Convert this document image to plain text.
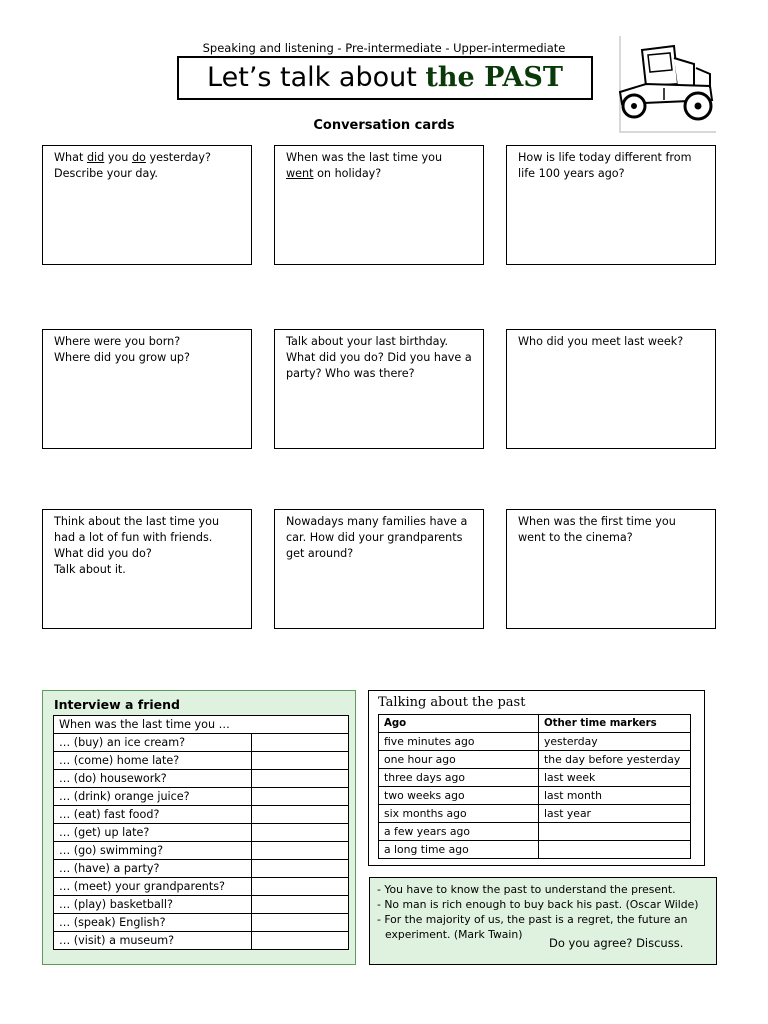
Speaking and listening - Pre-intermediate - Upper-intermediate
Let’s talk about the PAST
Conversation cards
What did you do yesterday?
Describe your day.
When was the last time you
went on holiday?
How is life today different from
life 100 years ago?
Where were you born?
Where did you grow up?
Talk about your last birthday.
What did you do? Did you have a
party? Who was there?
Who did you meet last week?
Think about the last time you
had a lot of fun with friends.
What did you do?
Talk about it.
Nowadays many families have a
car. How did your grandparents
get around?
When was the first time you
went to the cinema?
Interview a friend
When was the last time you …	
… (buy) an ice cream?	
… (come) home late?	
… (do) housework?	
… (drink) orange juice?	
… (eat) fast food?	
… (get) up late?	
… (go) swimming?	
… (have) a party?	
… (meet) your grandparents?	
… (play) basketball?	
… (speak) English?	
… (visit) a museum?	
Talking about the past
Ago	Other time markers
five minutes ago	yesterday
one hour ago	the day before yesterday
three days ago	last week
two weeks ago	last month
six months ago	last year
a few years ago	
a long time ago	
- You have to know the past to understand the present.
- No man is rich enough to buy back his past. (Oscar Wilde)
- For the majority of us, the past is a regret, the future an
experiment. (Mark Twain)
Do you agree? Discuss.
